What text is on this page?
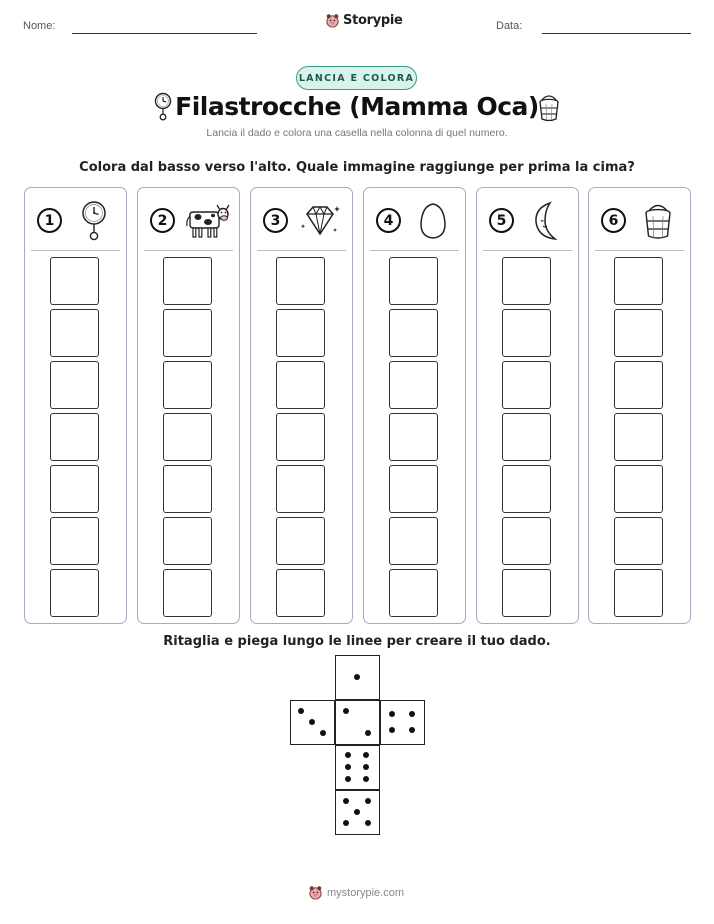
Nome:	Storypie	Data:
LANCIA E COLORA
Filastrocche (Mamma Oca)
Lancia il dado e colora una casella nella colonna di quel numero.
Colora dal basso verso l'alto. Quale immagine raggiunge per prima la cima?
1	2	3	4	5	6
Ritaglia e piega lungo le linee per creare il tuo dado.
mystorypie.com
